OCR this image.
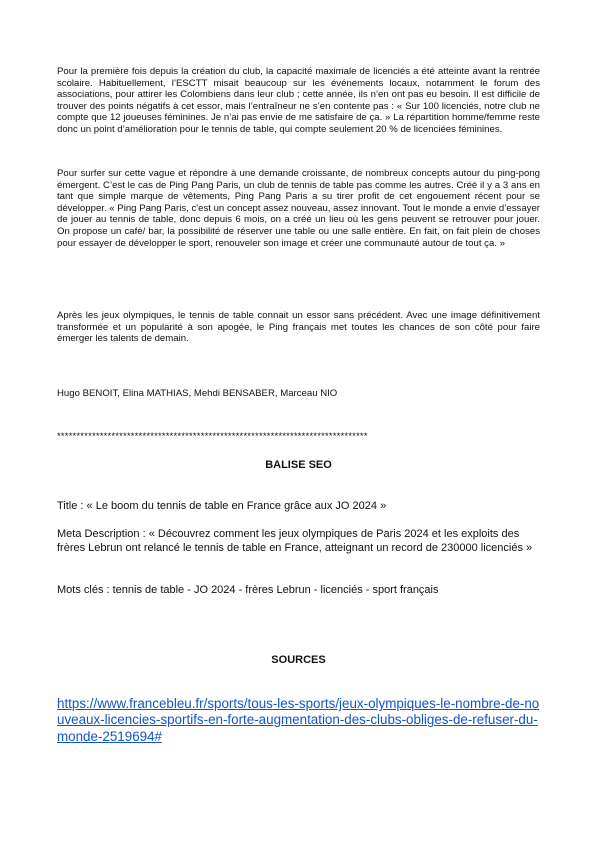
Pour la première fois depuis la création du club, la capacité maximale de licenciés a été atteinte avant la rentrée scolaire. Habituellement, l’ESCTT misait beaucoup sur les événements locaux, notamment le forum des associations, pour attirer les Colombiens dans leur club ; cette année, ils n’en ont pas eu besoin. Il est difficile de trouver des points négatifs à cet essor, mais l’entraîneur ne s’en contente pas : « Sur 100 licenciés, notre club ne compte que 12 joueuses féminines. Je n’ai pas envie de me satisfaire de ça. » La répartition homme/femme reste donc un point d’amélioration pour le tennis de table, qui compte seulement 20 % de licenciées féminines.

Pour surfer sur cette vague et répondre à une demande croissante, de nombreux concepts autour du ping-pong émergent. C’est le cas de Ping Pang Paris, un club de tennis de table pas comme les autres. Créé il y a 3 ans en tant que simple marque de vêtements, Ping Pang Paris a su tirer profit de cet engouement récent pour se développer. « Ping Pang Paris, c'est un concept assez nouveau, assez innovant. Tout le monde a envie d’essayer de jouer au tennis de table, donc depuis 6 mois, on a créé un lieu où les gens peuvent se retrouver pour jouer. On propose un café/ bar, la possibilité de réserver une table ou une salle entière. En fait, on fait plein de choses pour essayer de développer le sport, renouveler son image et créer une communauté autour de tout ça. »

Après les jeux olympiques, le tennis de table connait un essor sans précédent. Avec une image définitivement transformée et un popularité à son apogée, le Ping français met toutes les chances de son côté pour faire émerger les talents de demain.

Hugo BENOIT, Elina MATHIAS, Mehdi BENSABER, Marceau NIO
********************************************************************************
BALISE SEO

Title : « Le boom du tennis de table en France grâce aux JO 2024 »

Meta Description : « Découvrez comment les jeux olympiques de Paris 2024 et les exploits des frères Lebrun ont relancé le tennis de table en France, atteignant un record de 230000 licenciés »

Mots clés : tennis de table - JO 2024 - frères Lebrun - licenciés - sport français

SOURCES
https://www.francebleu.fr/sports/tous-les-sports/jeux-olympiques-le-nombre-de-nouveaux-licencies-sportifs-en-forte-augmentation-des-clubs-obliges-de-refuser-du-monde-2519694#
